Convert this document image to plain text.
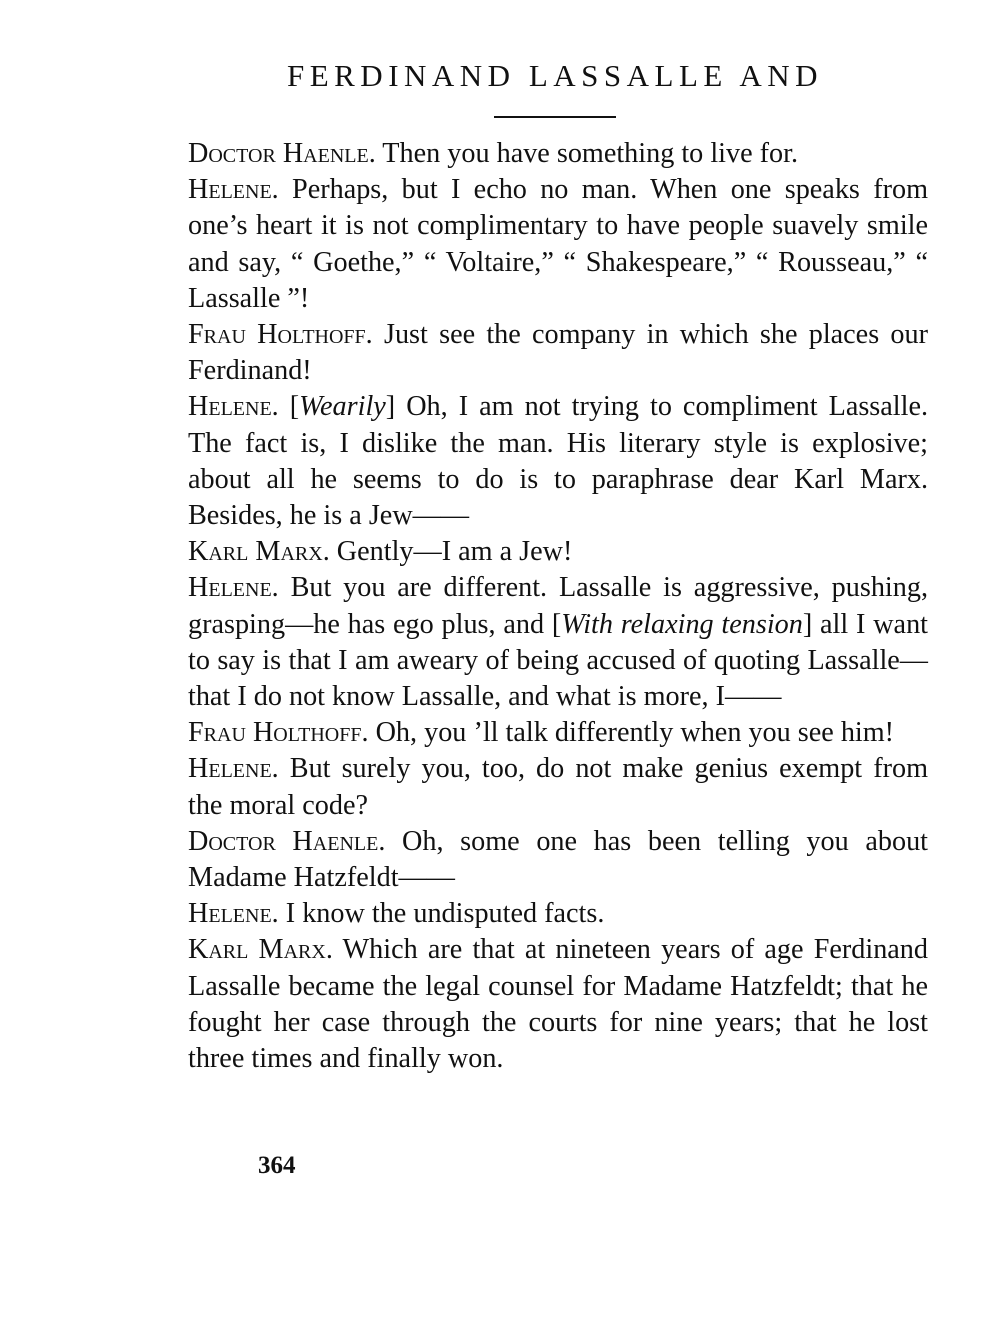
FERDINAND LASSALLE AND

Doctor Haenle. Then you have something to live for.

Helene. Perhaps, but I echo no man. When one speaks from one’s heart it is not complimentary to have people suavely smile and say, “ Goethe,” “ Voltaire,” “ Shakespeare,” “ Rousseau,” “ Lassalle ”!

Frau Holthoff. Just see the company in which she places our Ferdinand!

Helene. [Wearily] Oh, I am not trying to compliment Lassalle. The fact is, I dislike the man. His literary style is explosive; about all he seems to do is to paraphrase dear Karl Marx. Besides, he is a Jew——

Karl Marx. Gently—I am a Jew!

Helene. But you are different. Lassalle is aggressive, pushing, grasping—he has ego plus, and [With relaxing tension] all I want to say is that I am aweary of being accused of quoting Lassalle—that I do not know Lassalle, and what is more, I——

Frau Holthoff. Oh, you ’ll talk differently when you see him!

Helene. But surely you, too, do not make genius exempt from the moral code?

Doctor Haenle. Oh, some one has been telling you about Madame Hatzfeldt——

Helene. I know the undisputed facts.

Karl Marx. Which are that at nineteen years of age Ferdinand Lassalle became the legal counsel for Madame Hatzfeldt; that he fought her case through the courts for nine years; that he lost three times and finally won.

364
